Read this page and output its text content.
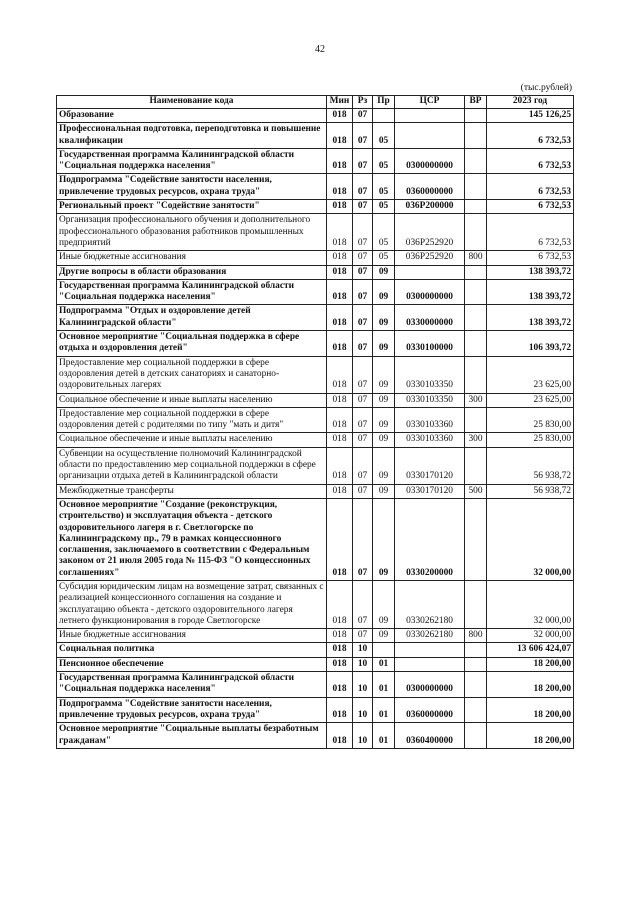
42
(тыс.рублей)
Наименование кода	Мин	Рз	Пр	ЦСР	ВР	2023 год
Образование	018	07				145 126,25
Профессиональная подготовка, переподготовка и повышение квалификации	018	07	05			6 732,53
Государственная программа Калининградской области "Социальная поддержка населения"	018	07	05	0300000000		6 732,53
Подпрограмма "Содействие занятости населения, привлечение трудовых ресурсов, охрана труда"	018	07	05	0360000000		6 732,53
Региональный проект "Содействие занятости"	018	07	05	036P200000		6 732,53
Организация профессионального обучения и дополнительного профессионального образования работников промышленных предприятий	018	07	05	036P252920		6 732,53
Иные бюджетные ассигнования	018	07	05	036P252920	800	6 732,53
Другие вопросы в области образования	018	07	09			138 393,72
Государственная программа Калининградской области "Социальная поддержка населения"	018	07	09	0300000000		138 393,72
Подпрограмма "Отдых и оздоровление детей Калининградской области"	018	07	09	0330000000		138 393,72
Основное мероприятие "Социальная поддержка в сфере отдыха и оздоровления детей"	018	07	09	0330100000		106 393,72
Предоставление мер социальной поддержки в сфере оздоровления детей в детских санаториях и санаторно-оздоровительных лагерях	018	07	09	0330103350		23 625,00
Социальное обеспечение и иные выплаты населению	018	07	09	0330103350	300	23 625,00
Предоставление мер социальной поддержки в сфере оздоровления детей с родителями по типу "мать и дитя"	018	07	09	0330103360		25 830,00
Социальное обеспечение и иные выплаты населению	018	07	09	0330103360	300	25 830,00
Субвенции на осуществление полномочий Калининградской области по предоставлению мер социальной поддержки в сфере организации отдыха детей в Калининградской области	018	07	09	0330170120		56 938,72
Межбюджетные трансферты	018	07	09	0330170120	500	56 938,72
Основное мероприятие "Создание (реконструкция, строительство) и эксплуатация объекта - детского оздоровительного лагеря в г. Светлогорске по Калининградскому пр., 79 в рамках концессионного соглашения, заключаемого в соответствии с Федеральным законом от 21 июля 2005 года № 115-ФЗ "О концессионных соглашениях"	018	07	09	0330200000		32 000,00
Субсидия юридическим лицам на возмещение затрат, связанных с реализацией концессионного соглашения на создание и эксплуатацию объекта - детского оздоровительного лагеря летнего функционирования в городе Светлогорске	018	07	09	0330262180		32 000,00
Иные бюджетные ассигнования	018	07	09	0330262180	800	32 000,00
Социальная политика	018	10				13 606 424,07
Пенсионное обеспечение	018	10	01			18 200,00
Государственная программа Калининградской области "Социальная поддержка населения"	018	10	01	0300000000		18 200,00
Подпрограмма "Содействие занятости населения, привлечение трудовых ресурсов, охрана труда"	018	10	01	0360000000		18 200,00
Основное мероприятие "Социальные выплаты безработным гражданам"	018	10	01	0360400000		18 200,00
